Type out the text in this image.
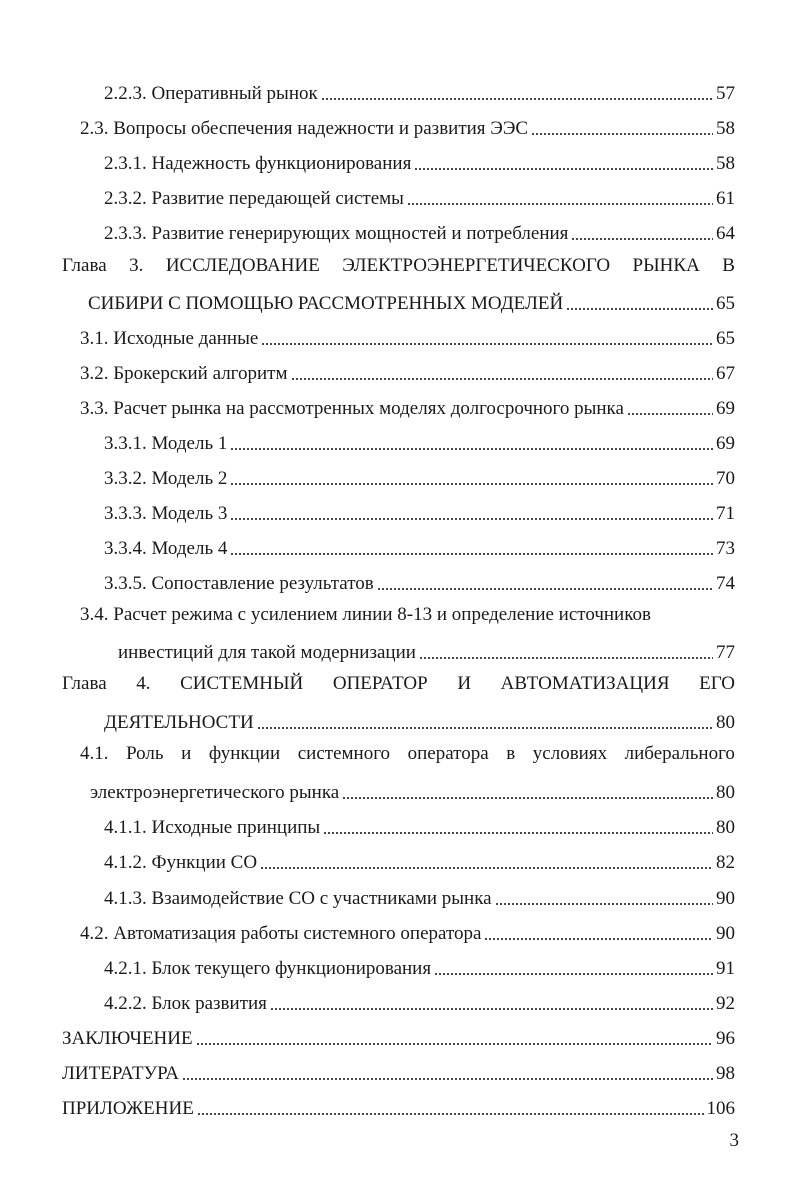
2.2.3. Оперативный рынок	57
2.3. Вопросы обеспечения надежности и развития ЭЭС	58
2.3.1. Надежность функционирования	58
2.3.2. Развитие передающей системы	61
2.3.3. Развитие генерирующих мощностей и потребления	64
Глава 3. ИССЛЕДОВАНИЕ ЭЛЕКТРОЭНЕРГЕТИЧЕСКОГО РЫНКА В
СИБИРИ С ПОМОЩЬЮ РАССМОТРЕННЫХ МОДЕЛЕЙ	65
3.1. Исходные данные	65
3.2. Брокерский алгоритм	67
3.3. Расчет рынка на рассмотренных моделях долгосрочного рынка	69
3.3.1. Модель 1	69
3.3.2. Модель 2	70
3.3.3. Модель 3	71
3.3.4. Модель 4	73
3.3.5. Сопоставление результатов	74
3.4. Расчет режима с усилением линии 8-13 и определение источников
инвестиций для такой модернизации	77
Глава 4. СИСТЕМНЫЙ ОПЕРАТОР И АВТОМАТИЗАЦИЯ ЕГО
ДЕЯТЕЛЬНОСТИ	80
4.1. Роль и функции системного оператора в условиях либерального
электроэнергетического рынка	80
4.1.1. Исходные принципы	80
4.1.2. Функции СО	82
4.1.3. Взаимодействие СО с участниками рынка	90
4.2. Автоматизация работы системного оператора	90
4.2.1. Блок текущего функционирования	91
4.2.2. Блок развития	92
ЗАКЛЮЧЕНИЕ	96
ЛИТЕРАТУРА	98
ПРИЛОЖЕНИЕ	106
3
